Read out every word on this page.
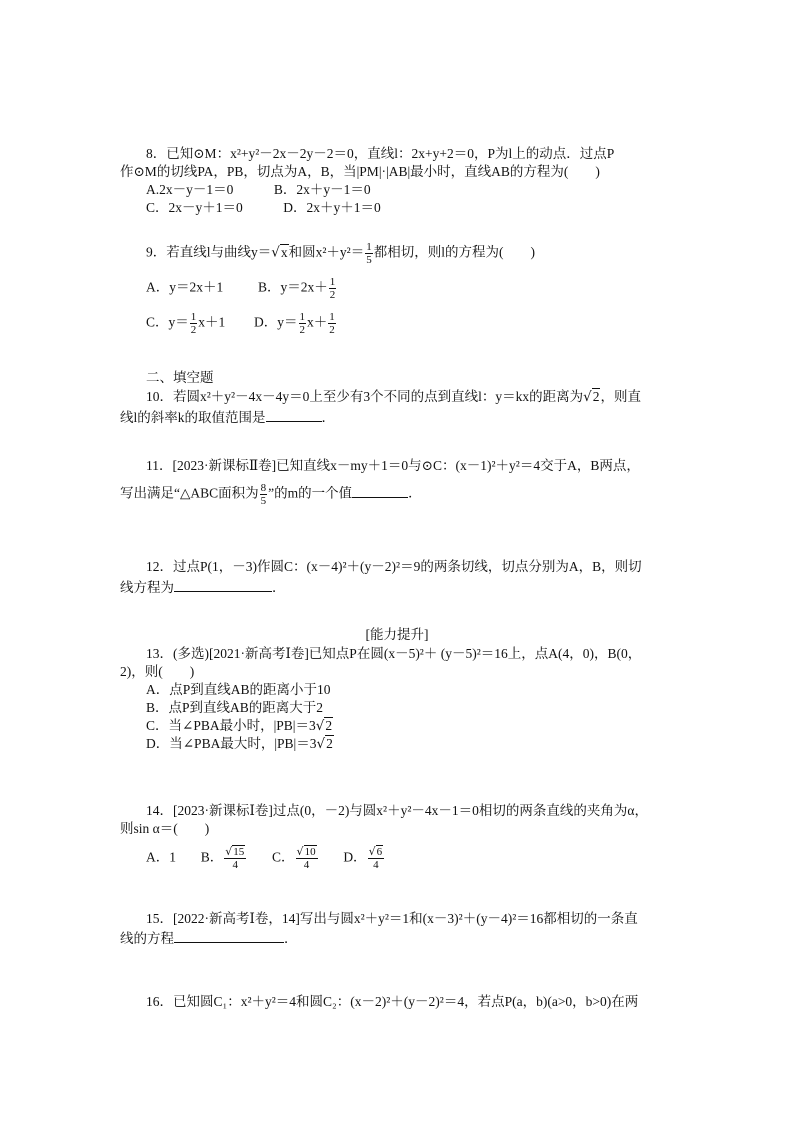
8．已知⊙M：x²+y²－2x－2y－2＝0，直线l：2x+y+2＝0，P为l上的动点．过点P
作⊙M的切线PA，PB，切点为A，B，当|PM|·|AB|最小时，直线AB的方程为(　　)
A.2x－y－1＝0　　　B．2x＋y－1＝0
C．2x－y＋1＝0　　　D．2x＋y＋1＝0
9．若直线l与曲线y＝√x和圆$x^2+y^2= \frac{1}{5}$ 都相切，则l的方程为(　　)
A．y＝2x＋1	B．$y=2x+ \frac{1}{2}$
C．$y= \frac{1}{2} x+1$ D．$y= \frac{1}{2} x+ \frac{1}{2}$
二、填空题
10．若圆x²＋y²－4x－4y＝0上至少有3个不同的点到直线l：y＝kx的距离为√2，则直
线l的斜率k的取值范围是	．
11．[2023·新课标Ⅱ卷]已知直线x－my＋1＝0与⊙C：(x－1)²＋y²＝4交于A，B两点，
写出满足“△ABC面积为 $\frac{8}{5}$ ”的m的一个值	．
12．过点P(1，－3)作圆C：(x－4)²＋(y－2)²＝9的两条切线，切点分别为A，B，则切
线方程为	．
[能力提升]
13．(多选)[2021·新高考Ⅰ卷]已知点P在圆(x－5)²＋ (y－5)²＝16上，点A(4，0)，B(0，
2)，则(　　)
A．点P到直线AB的距离小于10
B．点P到直线AB的距离大于2
C．当∠PBA最小时，|PB|＝3√2
D．当∠PBA最大时，|PB|＝3√2
14．[2023·新课标Ⅰ卷]过点(0，－2)与圆x²＋y²－4x－1＝0相切的两条直线的夹角为α，
则sin α＝(　　)
A．1 B． $\frac{√15}{4}$ C． $\frac{√10}{4}$ D． $\frac{√6}{4}$
15．[2022·新高考Ⅰ卷，14]写出与圆x²＋y²＝1和(x－3)²＋(y－4)²＝16都相切的一条直
线的方程	．
16．已知圆C₁：x²＋y²＝4和圆C₂：(x－2)²＋(y－2)²＝4，若点P(a，b)(a>0，b>0)在两
